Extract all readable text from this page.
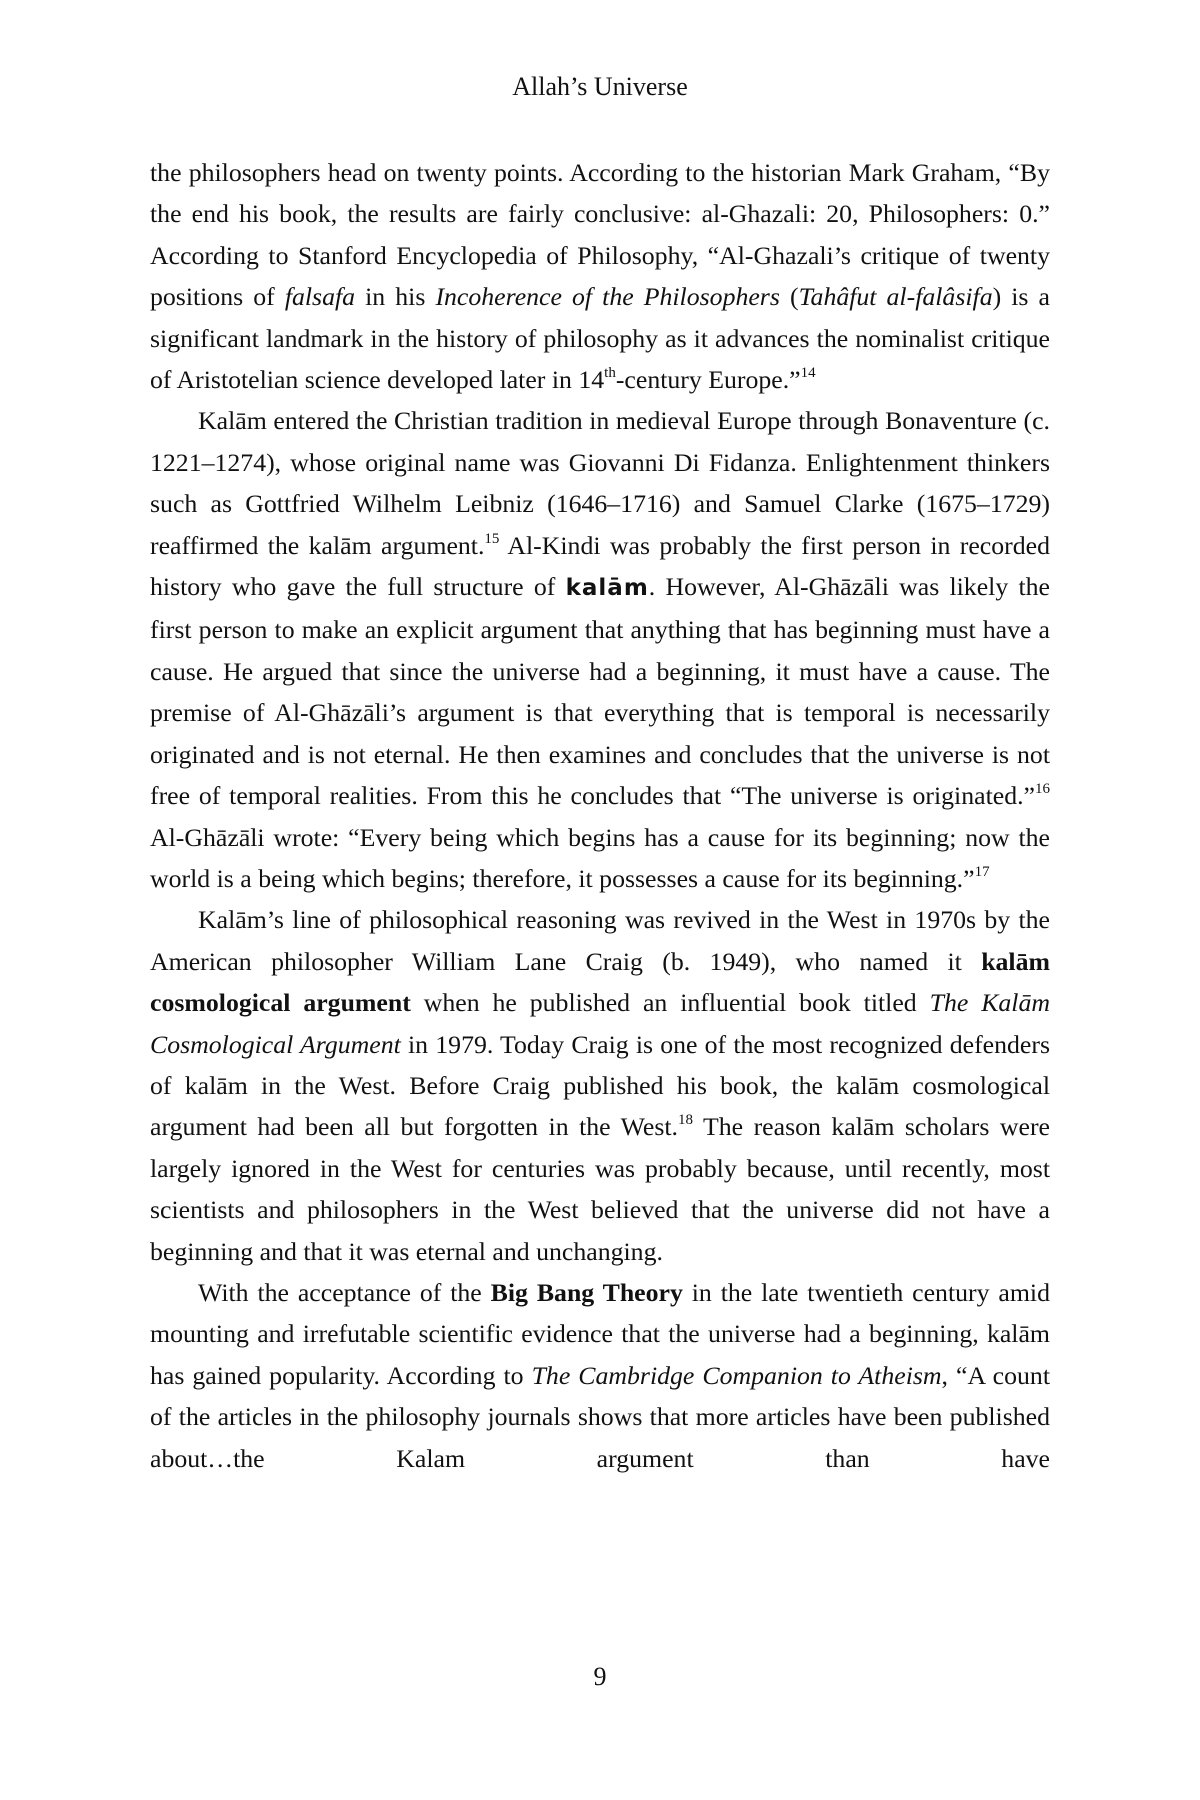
Allah’s Universe

the philosophers head on twenty points. According to the historian Mark Graham, “By the end his book, the results are fairly conclusive: al-Ghazali: 20, Philosophers: 0.” According to Stanford Encyclopedia of Philosophy, “Al-Ghazali’s critique of twenty positions of falsafa in his Incoherence of the Philosophers (Tahâfut al-falâsifa) is a significant landmark in the history of philosophy as it advances the nominalist critique of Aristotelian science developed later in 14th-century Europe.”$^{14}$

Kalām entered the Christian tradition in medieval Europe through Bonaventure (c. 1221–1274), whose original name was Giovanni Di Fidanza. Enlightenment thinkers such as Gottfried Wilhelm Leibniz (1646–1716) and Samuel Clarke (1675–1729) reaffirmed the kalām argument.$^{15}$ Al-Kindi was probably the first person in recorded history who gave the full structure of kalām. However, Al-Ghāzāli was likely the first person to make an explicit argument that anything that has beginning must have a cause. He argued that since the universe had a beginning, it must have a cause. The premise of Al-Ghāzāli’s argument is that everything that is temporal is necessarily originated and is not eternal. He then examines and concludes that the universe is not free of temporal realities. From this he concludes that “The universe is originated.”$^{16}$ Al-Ghāzāli wrote: “Every being which begins has a cause for its beginning; now the world is a being which begins; therefore, it possesses a cause for its beginning.”$^{17}$

Kalām’s line of philosophical reasoning was revived in the West in 1970s by the American philosopher William Lane Craig (b. 1949), who named it kalām cosmological argument when he published an influential book titled The Kalām Cosmological Argument in 1979. Today Craig is one of the most recognized defenders of kalām in the West. Before Craig published his book, the kalām cosmological argument had been all but forgotten in the West.$^{18}$ The reason kalām scholars were largely ignored in the West for centuries was probably because, until recently, most scientists and philosophers in the West believed that the universe did not have a beginning and that it was eternal and unchanging.

With the acceptance of the Big Bang Theory in the late twentieth century amid mounting and irrefutable scientific evidence that the universe had a beginning, kalām has gained popularity. According to The Cambridge Companion to Atheism, “A count of the articles in the philosophy journals shows that more articles have been published about…the Kalam argument than have

9
